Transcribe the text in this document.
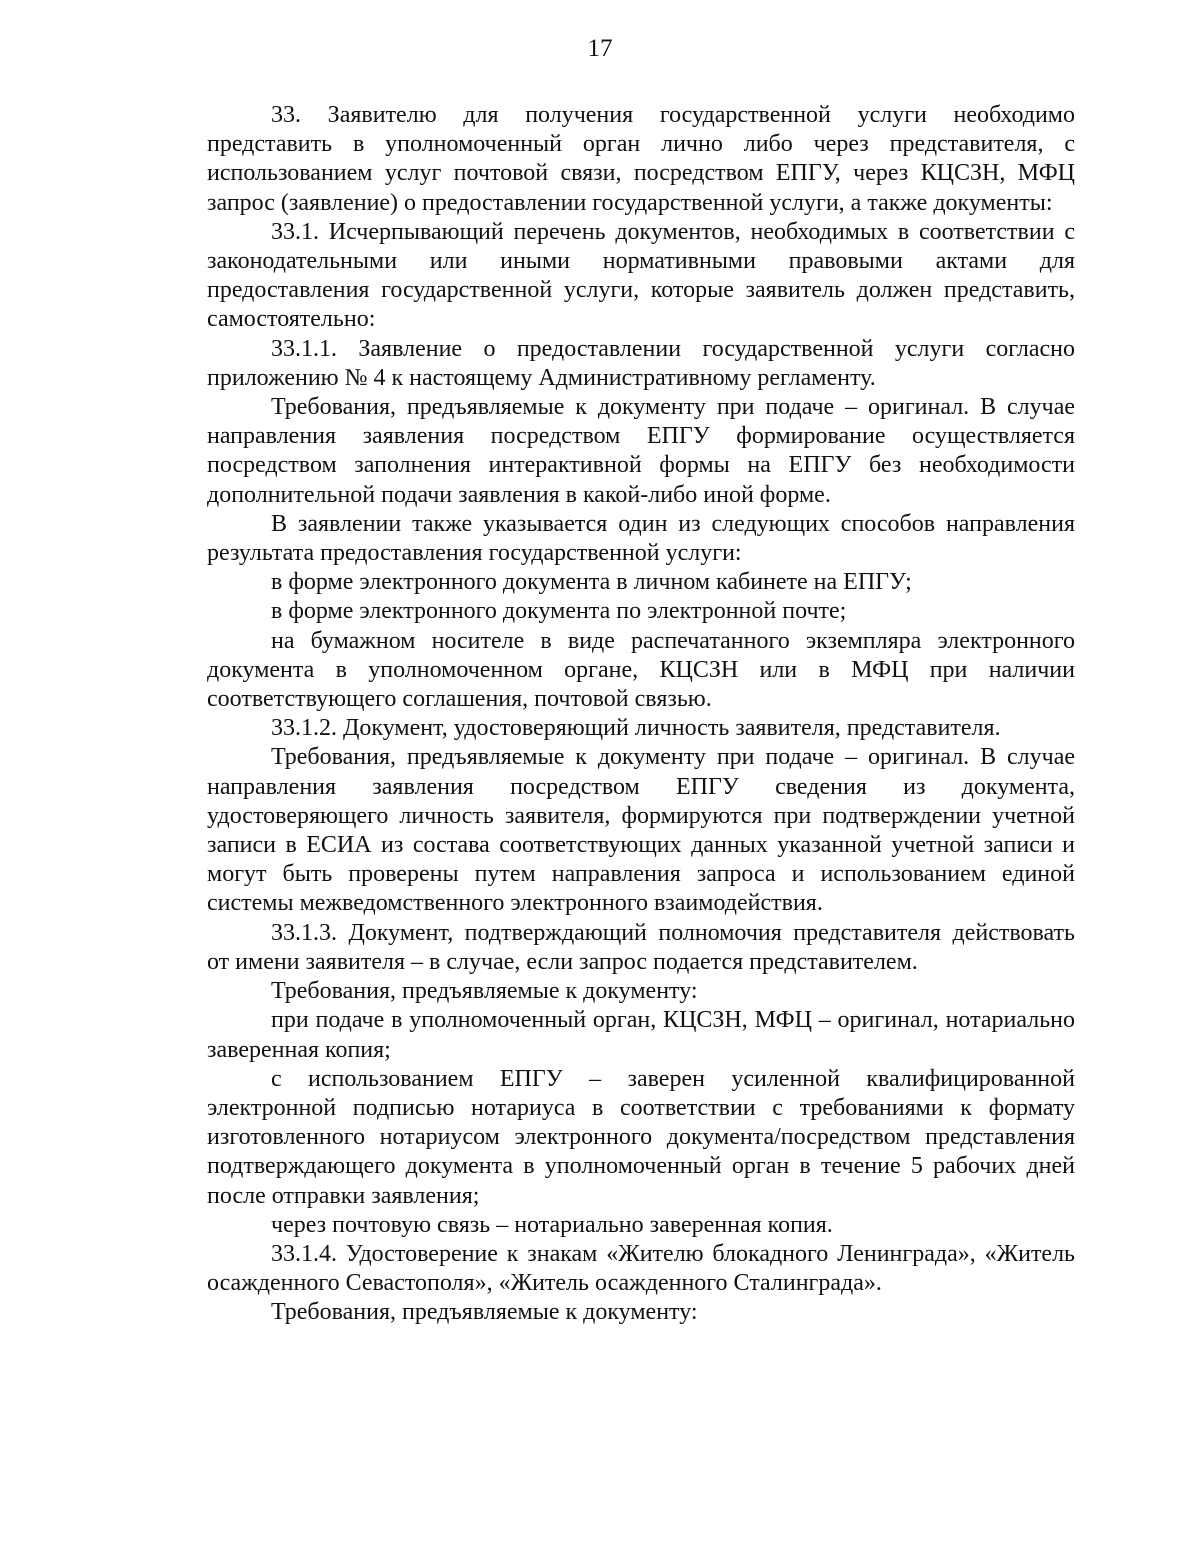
17

33. Заявителю для получения государственной услуги необходимо представить в уполномоченный орган лично либо через представителя, с использованием услуг почтовой связи, посредством ЕПГУ, через КЦСЗН, МФЦ запрос (заявление) о предоставлении государственной услуги, а также документы:

33.1. Исчерпывающий перечень документов, необходимых в соответствии с законодательными или иными нормативными правовыми актами для предоставления государственной услуги, которые заявитель должен представить, самостоятельно:

33.1.1. Заявление о предоставлении государственной услуги согласно приложению № 4 к настоящему Административному регламенту.

Требования, предъявляемые к документу при подаче – оригинал. В случае направления заявления посредством ЕПГУ формирование осуществляется посредством заполнения интерактивной формы на ЕПГУ без необходимости дополнительной подачи заявления в какой-либо иной форме.

В заявлении также указывается один из следующих способов направления результата предоставления государственной услуги:

в форме электронного документа в личном кабинете на ЕПГУ;

в форме электронного документа по электронной почте;

на бумажном носителе в виде распечатанного экземпляра электронного документа в уполномоченном органе, КЦСЗН или в МФЦ при наличии соответствующего соглашения, почтовой связью.

33.1.2. Документ, удостоверяющий личность заявителя, представителя.

Требования, предъявляемые к документу при подаче – оригинал. В случае направления заявления посредством ЕПГУ сведения из документа, удостоверяющего личность заявителя, формируются при подтверждении учетной записи в ЕСИА из состава соответствующих данных указанной учетной записи и могут быть проверены путем направления запроса и использованием единой системы межведомственного электронного взаимодействия.

33.1.3. Документ, подтверждающий полномочия представителя действовать от имени заявителя – в случае, если запрос подается представителем.

Требования, предъявляемые к документу:

при подаче в уполномоченный орган, КЦСЗН, МФЦ – оригинал, нотариально заверенная копия;

с использованием ЕПГУ – заверен усиленной квалифицированной электронной подписью нотариуса в соответствии с требованиями к формату изготовленного нотариусом электронного документа/посредством представления подтверждающего документа в уполномоченный орган в течение 5 рабочих дней после отправки заявления;

через почтовую связь – нотариально заверенная копия.

33.1.4. Удостоверение к знакам «Жителю блокадного Ленинграда», «Житель осажденного Севастополя», «Житель осажденного Сталинграда».

Требования, предъявляемые к документу:
